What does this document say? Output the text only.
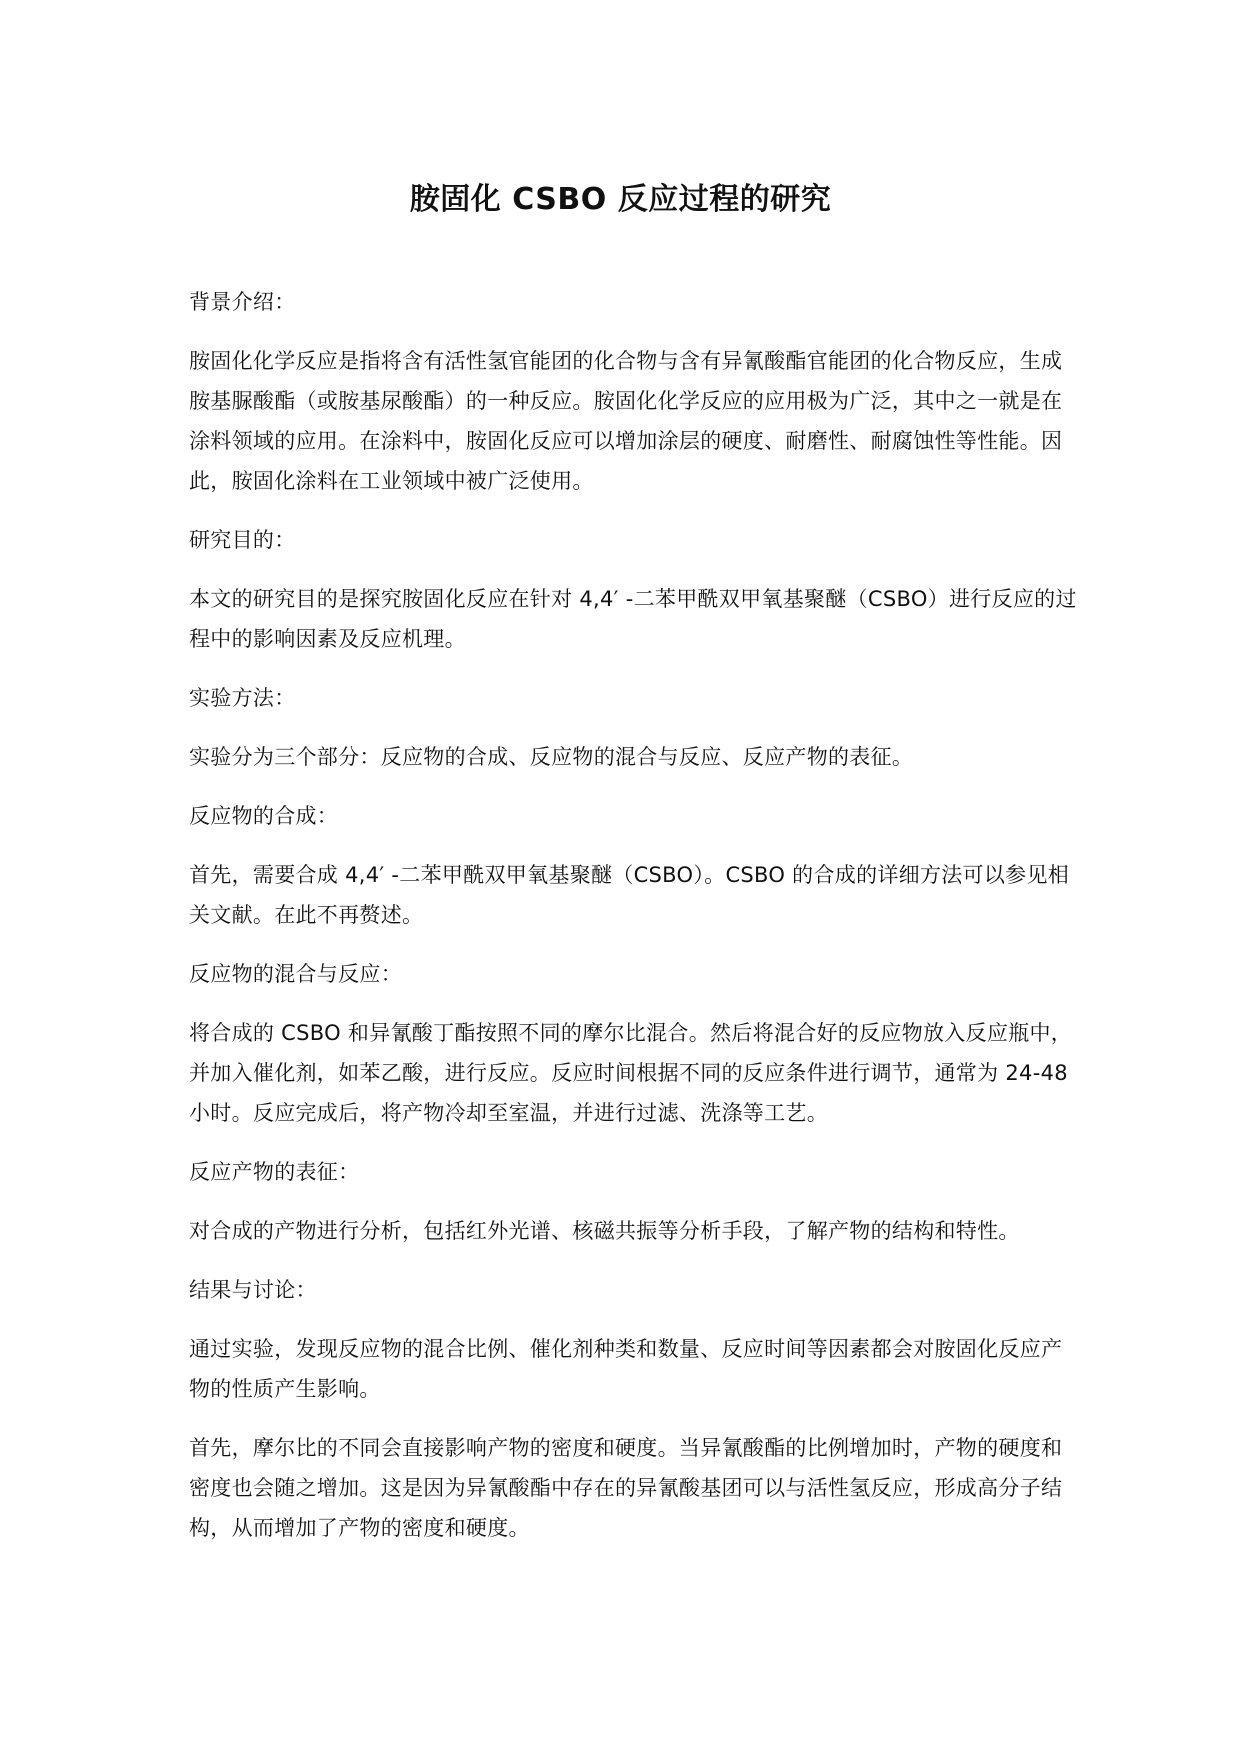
胺固化 CSBO 反应过程的研究

背景介绍：

胺固化化学反应是指将含有活性氢官能团的化合物与含有异氰酸酯官能团的化合物反应，生成胺基脲酸酯（或胺基尿酸酯）的一种反应。胺固化化学反应的应用极为广泛，其中之一就是在涂料领域的应用。在涂料中，胺固化反应可以增加涂层的硬度、耐磨性、耐腐蚀性等性能。因此，胺固化涂料在工业领域中被广泛使用。

研究目的：

本文的研究目的是探究胺固化反应在针对 4,4′ -二苯甲酰双甲氧基聚醚（CSBO）进行反应的过程中的影响因素及反应机理。

实验方法：

实验分为三个部分：反应物的合成、反应物的混合与反应、反应产物的表征。

反应物的合成：

首先，需要合成 4,4′ -二苯甲酰双甲氧基聚醚（CSBO）。CSBO 的合成的详细方法可以参见相关文献。在此不再赘述。

反应物的混合与反应：

将合成的 CSBO 和异氰酸丁酯按照不同的摩尔比混合。然后将混合好的反应物放入反应瓶中，并加入催化剂，如苯乙酸，进行反应。反应时间根据不同的反应条件进行调节，通常为 24-48 小时。反应完成后，将产物冷却至室温，并进行过滤、洗涤等工艺。

反应产物的表征：

对合成的产物进行分析，包括红外光谱、核磁共振等分析手段，了解产物的结构和特性。

结果与讨论：

通过实验，发现反应物的混合比例、催化剂种类和数量、反应时间等因素都会对胺固化反应产物的性质产生影响。

首先，摩尔比的不同会直接影响产物的密度和硬度。当异氰酸酯的比例增加时，产物的硬度和密度也会随之增加。这是因为异氰酸酯中存在的异氰酸基团可以与活性氢反应，形成高分子结构，从而增加了产物的密度和硬度。
